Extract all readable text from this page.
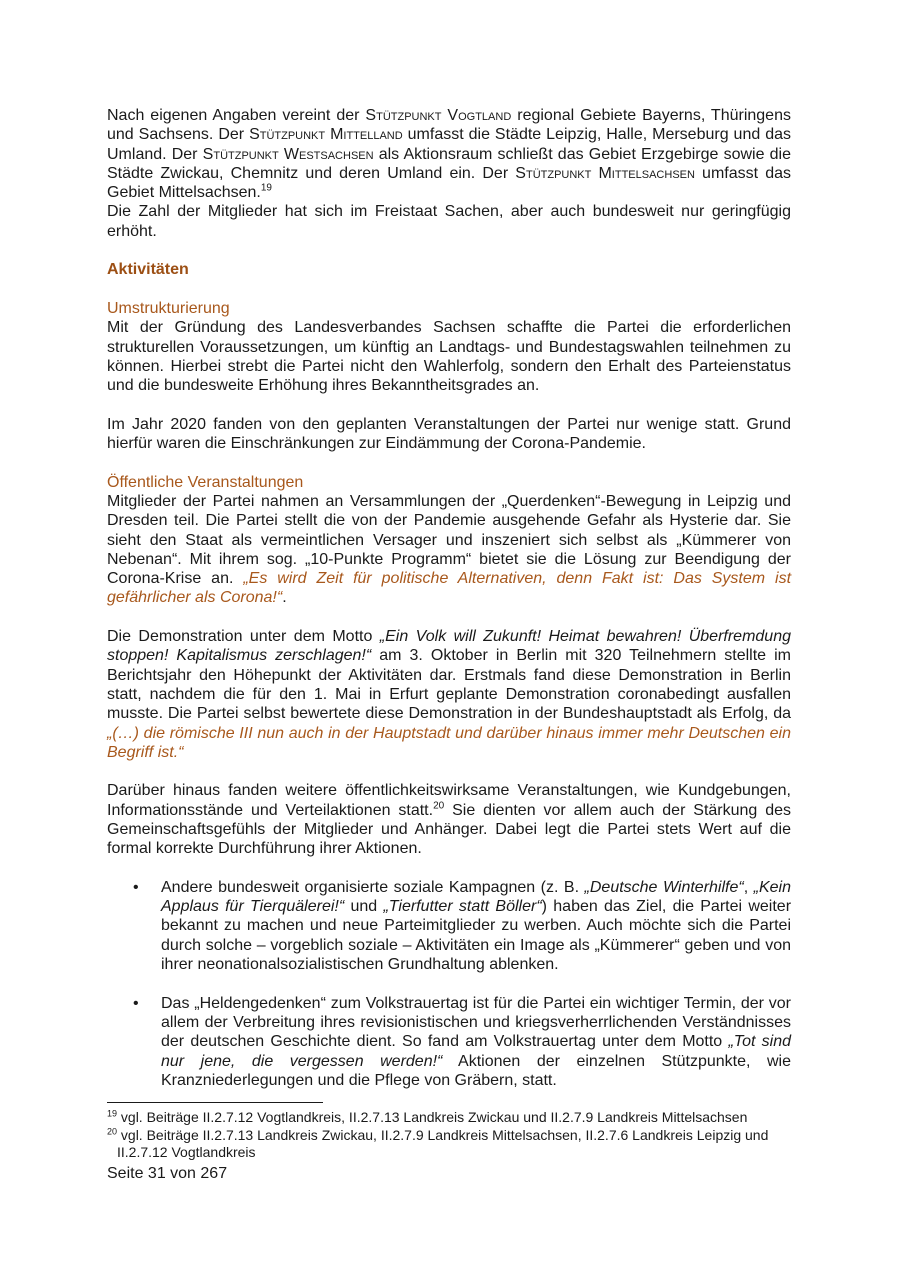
Nach eigenen Angaben vereint der Stützpunkt Vogtland regional Gebiete Bayerns, Thüringens und Sachsens. Der Stützpunkt Mittelland umfasst die Städte Leipzig, Halle, Merseburg und das Umland. Der Stützpunkt Westsachsen als Aktionsraum schließt das Gebiet Erzgebirge sowie die Städte Zwickau, Chemnitz und deren Umland ein. Der Stützpunkt Mittelsachsen umfasst das Gebiet Mittelsachsen.$^{19}$

Die Zahl der Mitglieder hat sich im Freistaat Sachen, aber auch bundesweit nur geringfügig erhöht.

Aktivitäten

Umstrukturierung

Mit der Gründung des Landesverbandes Sachsen schaffte die Partei die erforderlichen strukturellen Voraussetzungen, um künftig an Landtags- und Bundestagswahlen teilnehmen zu können. Hierbei strebt die Partei nicht den Wahlerfolg, sondern den Erhalt des Parteienstatus und die bundesweite Erhöhung ihres Bekanntheitsgrades an.

Im Jahr 2020 fanden von den geplanten Veranstaltungen der Partei nur wenige statt. Grund hierfür waren die Einschränkungen zur Eindämmung der Corona-Pandemie.

Öffentliche Veranstaltungen

Mitglieder der Partei nahmen an Versammlungen der „Querdenken“-Bewegung in Leipzig und Dresden teil. Die Partei stellt die von der Pandemie ausgehende Gefahr als Hysterie dar. Sie sieht den Staat als vermeintlichen Versager und inszeniert sich selbst als „Kümmerer von Nebenan“. Mit ihrem sog. „10-Punkte Programm“ bietet sie die Lösung zur Beendigung der Corona-Krise an. „Es wird Zeit für politische Alternativen, denn Fakt ist: Das System ist gefährlicher als Corona!“.

Die Demonstration unter dem Motto „Ein Volk will Zukunft! Heimat bewahren! Überfremdung stoppen! Kapitalismus zerschlagen!“ am 3. Oktober in Berlin mit 320 Teilnehmern stellte im Berichtsjahr den Höhepunkt der Aktivitäten dar. Erstmals fand diese Demonstration in Berlin statt, nachdem die für den 1. Mai in Erfurt geplante Demonstration coronabedingt ausfallen musste. Die Partei selbst bewertete diese Demonstration in der Bundeshauptstadt als Erfolg, da „(…) die römische III nun auch in der Hauptstadt und darüber hinaus immer mehr Deutschen ein Begriff ist.“

Darüber hinaus fanden weitere öffentlichkeitswirksame Veranstaltungen, wie Kundgebungen, Informationsstände und Verteilaktionen statt.$^{20}$ Sie dienten vor allem auch der Stärkung des Gemeinschaftsgefühls der Mitglieder und Anhänger. Dabei legt die Partei stets Wert auf die formal korrekte Durchführung ihrer Aktionen.

• Andere bundesweit organisierte soziale Kampagnen (z. B. „Deutsche Winterhilfe“, „Kein Applaus für Tierquälerei!“ und „Tierfutter statt Böller“) haben das Ziel, die Partei weiter bekannt zu machen und neue Parteimitglieder zu werben. Auch möchte sich die Partei durch solche – vorgeblich soziale – Aktivitäten ein Image als „Kümmerer“ geben und von ihrer neonationalsozialistischen Grundhaltung ablenken.

• Das „Heldengedenken“ zum Volkstrauertag ist für die Partei ein wichtiger Termin, der vor allem der Verbreitung ihres revisionistischen und kriegsverherrlichenden Verständnisses der deutschen Geschichte dient. So fand am Volkstrauertag unter dem Motto „Tot sind nur jene, die vergessen werden!“ Aktionen der einzelnen Stützpunkte, wie Kranzniederlegungen und die Pflege von Gräbern, statt.

$^{19}$ vgl. Beiträge II.2.7.12 Vogtlandkreis, II.2.7.13 Landkreis Zwickau und II.2.7.9 Landkreis Mittelsachsen

$^{20}$ vgl. Beiträge II.2.7.13 Landkreis Zwickau, II.2.7.9 Landkreis Mittelsachsen, II.2.7.6 Landkreis Leipzig und II.2.7.12 Vogtlandkreis

Seite 31 von 267
